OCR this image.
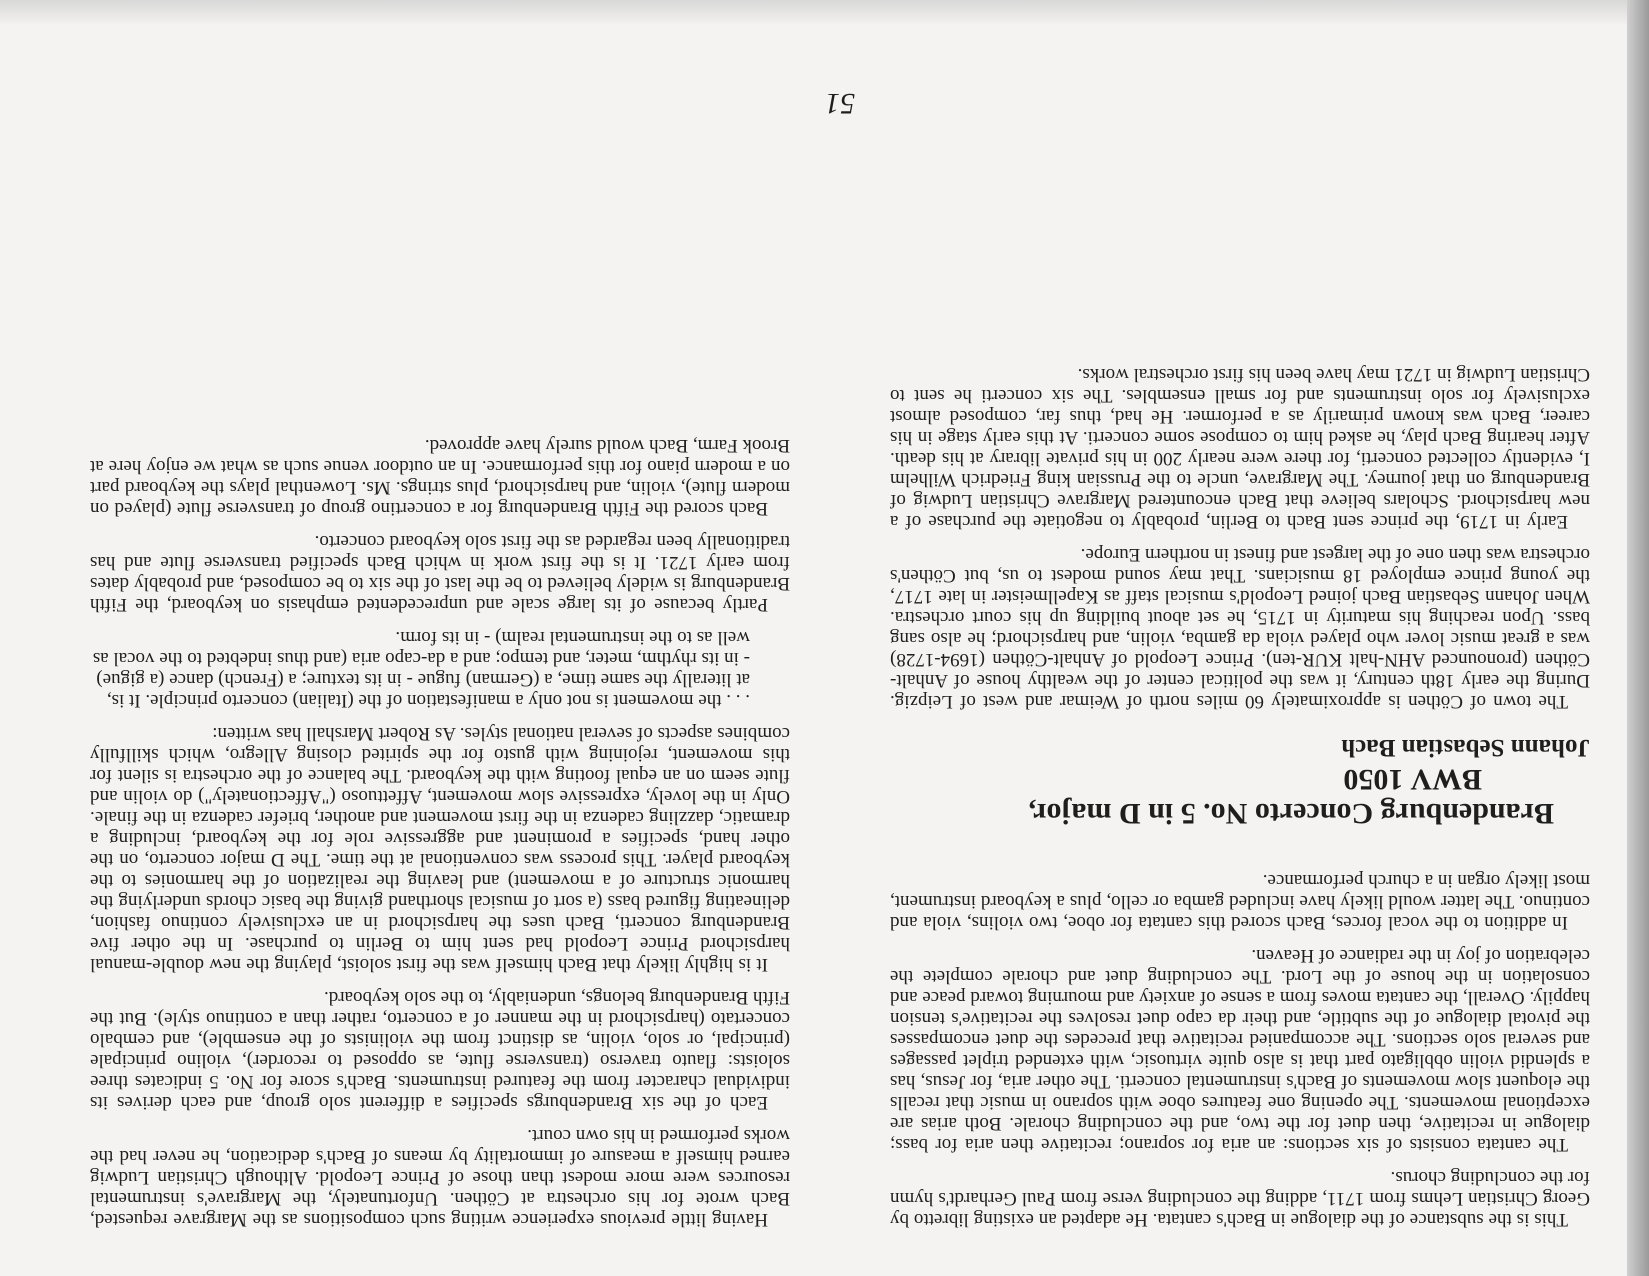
This is the substance of the dialogue in Bach's cantata. He adapted an existing libretto by Georg Christian Lehms from 1711, adding the concluding verse from Paul Gerhardt's hymn for the concluding chorus.

The cantata consists of six sections: an aria for soprano; recitative then aria for bass; dialogue in recitative, then duet for the two, and the concluding chorale. Both arias are exceptional movements. The opening one features oboe with soprano in music that recalls the eloquent slow movements of Bach's instrumental concerti. The other aria, for Jesus, has a splendid violin obbligato part that is also quite virtuosic, with extended triplet passages and several solo sections. The accompanied recitative that precedes the duet encompasses the pivotal dialogue of the subtitle, and their da capo duet resolves the recitative's tension happily. Overall, the cantata moves from a sense of anxiety and mourning toward peace and consolation in the house of the Lord. The concluding duet and chorale complete the celebration of joy in the radiance of Heaven.

In addition to the vocal forces, Bach scored this cantata for oboe, two violins, viola and continuo. The latter would likely have included gamba or cello, plus a keyboard instrument, most likely organ in a church performance.

Brandenburg Concerto No. 5 in D major,
BWV 1050
Johann Sebastian Bach

The town of Cöthen is approximately 60 miles north of Weimar and west of Leipzig. During the early 18th century, it was the political center of the wealthy house of Anhalt-Cöthen (pronounced AHN-halt KUR-ten). Prince Leopold of Anhalt-Cöthen (1694-1728) was a great music lover who played viola da gamba, violin, and harpsichord; he also sang bass. Upon reaching his maturity in 1715, he set about building up his court orchestra. When Johann Sebastian Bach joined Leopold's musical staff as Kapellmeister in late 1717, the young prince employed 18 musicians. That may sound modest to us, but Cöthen's orchestra was then one of the largest and finest in northern Europe.

Early in 1719, the prince sent Bach to Berlin, probably to negotiate the purchase of a new harpsichord. Scholars believe that Bach encountered Margrave Christian Ludwig of Brandenburg on that journey. The Margrave, uncle to the Prussian king Friedrich Wilhelm I, evidently collected concerti, for there were nearly 200 in his private library at his death. After hearing Bach play, he asked him to compose some concerti. At this early stage in his career, Bach was known primarily as a performer. He had, thus far, composed almost exclusively for solo instruments and for small ensembles. The six concerti he sent to Christian Ludwig in 1721 may have been his first orchestral works.

Having little previous experience writing such compositions as the Margrave requested, Bach wrote for his orchestra at Cöthen. Unfortunately, the Margrave's instrumental resources were more modest than those of Prince Leopold. Although Christian Ludwig earned himself a measure of immortality by means of Bach's dedication, he never had the works performed in his own court.

Each of the six Brandenburgs specifies a different solo group, and each derives its individual character from the featured instruments. Bach's score for No. 5 indicates three soloists: flauto traverso (transverse flute, as opposed to recorder), violino principale (principal, or solo, violin, as distinct from the violinists of the ensemble), and cembalo concertato (harpsichord in the manner of a concerto, rather than a continuo style). But the Fifth Brandenburg belongs, undeniably, to the solo keyboard.

It is highly likely that Bach himself was the first soloist, playing the new double-manual harpsichord Prince Leopold had sent him to Berlin to purchase. In the other five Brandenburg concerti, Bach uses the harpsichord in an exclusively continuo fashion, delineating figured bass (a sort of musical shorthand giving the basic chords underlying the harmonic structure of a movement) and leaving the realization of the harmonies to the keyboard player. This process was conventional at the time. The D major concerto, on the other hand, specifies a prominent and aggressive role for the keyboard, including a dramatic, dazzling cadenza in the first movement and another, briefer cadenza in the finale. Only in the lovely, expressive slow movement, Affettuoso ("Affectionately") do violin and flute seem on an equal footing with the keyboard. The balance of the orchestra is silent for this movement, rejoining with gusto for the spirited closing Allegro, which skillfully combines aspects of several national styles. As Robert Marshall has written:

. . . the movement is not only a manifestation of the (Italian) concerto principle. It is, at literally the same time, a (German) fugue - in its texture; a (French) dance (a gigue) - in its rhythm, meter, and tempo; and a da-capo aria (and thus indebted to the vocal as well as to the instrumental realm) - in its form.

Partly because of its large scale and unprecedented emphasis on keyboard, the Fifth Brandenburg is widely believed to be the last of the six to be composed, and probably dates from early 1721. It is the first work in which Bach specified transverse flute and has traditionally been regarded as the first solo keyboard concerto.

Bach scored the Fifth Brandenburg for a concertino group of transverse flute (played on modern flute), violin, and harpsichord, plus strings. Ms. Lowenthal plays the keyboard part on a modern piano for this performance. In an outdoor venue such as what we enjoy here at Brook Farm, Bach would surely have approved.

51
